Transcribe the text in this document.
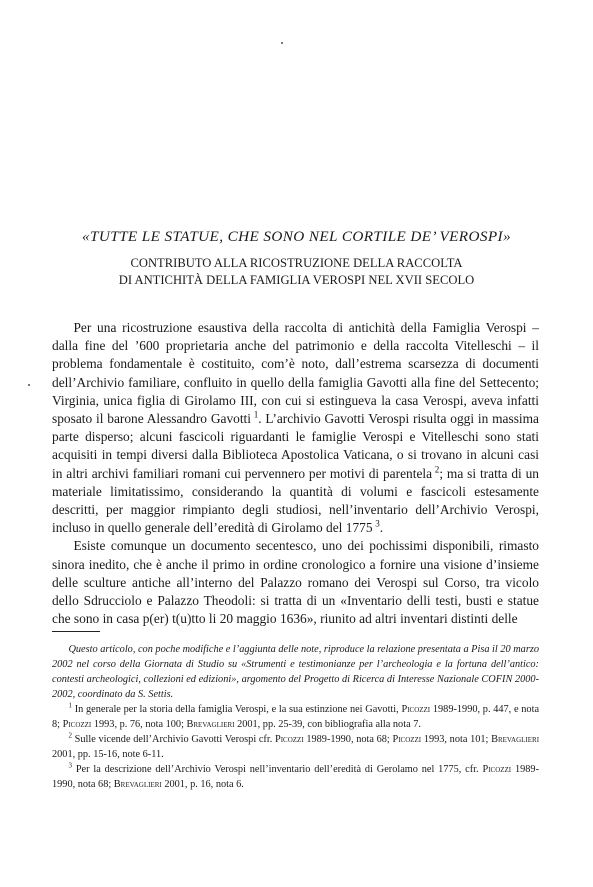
«TUTTE LE STATUE, CHE SONO NEL CORTILE DE’ VEROSPI»
CONTRIBUTO ALLA RICOSTRUZIONE DELLA RACCOLTA
DI ANTICHITÀ DELLA FAMIGLIA VEROSPI NEL XVII SECOLO

Per una ricostruzione esaustiva della raccolta di antichità della Famiglia Verospi – dalla fine del ’600 proprietaria anche del patrimonio e della raccolta Vitelleschi – il problema fondamentale è costituito, com’è noto, dall’estrema scarsezza di documenti dell’Archivio familiare, confluito in quello della famiglia Gavotti alla fine del Settecento; Virginia, unica figlia di Girolamo III, con cui si estingueva la casa Verospi, aveva infatti sposato il barone Alessandro Gavotti  $^1$. L’archivio Gavotti Verospi risulta oggi in massima parte disperso; alcuni fascicoli riguardanti le famiglie Verospi e Vitelleschi sono stati acquisiti in tempi diversi dalla Biblioteca Apostolica Vaticana, o si trovano in alcuni casi in altri archivi familiari romani cui pervennero per motivi di parentela  $^2$; ma si tratta di un materiale limitatissimo, considerando la quantità di volumi e fascicoli estesamente descritti, per maggior rimpianto degli studiosi, nell’inventario dell’Archivio Verospi, incluso in quello generale dell’eredità di Girolamo del 1775  $^3$.

Esiste comunque un documento secentesco, uno dei pochissimi disponibili, rimasto sinora inedito, che è anche il primo in ordine cronologico a fornire una visione d’insieme delle sculture antiche all’interno del Palazzo romano dei Verospi sul Corso, tra vicolo dello Sdrucciolo e Palazzo Theodoli: si tratta di un «Inventario delli testi, busti e statue che sono in casa p(er) t(u)tto li 20 maggio 1636», riunito ad altri inventari distinti delle

Questo articolo, con poche modifiche e l’aggiunta delle note, riproduce la relazione presentata a Pisa il 20 marzo 2002 nel corso della Giornata di Studio su «Strumenti e testimonianze per l’archeologia e la fortuna dell’antico: contesti archeologici, collezioni ed edizioni», argomento del Progetto di Ricerca di Interesse Nazionale COFIN 2000-2002, coordinato da S. Settis.

$^1$ In generale per la storia della famiglia Verospi, e la sua estinzione nei Gavotti, Picozzi 1989-1990, p. 447, e nota 8; Picozzi 1993, p. 76, nota 100; Brevaglieri 2001, pp. 25-39, con bibliografia alla nota 7.

$^2$ Sulle vicende dell’Archivio Gavotti Verospi cfr. Picozzi 1989-1990, nota 68; Picozzi 1993, nota 101; Brevaglieri 2001, pp. 15-16, note 6-11.

$^3$ Per la descrizione dell’Archivio Verospi nell’inventario dell’eredità di Gerolamo nel 1775, cfr. Picozzi 1989-1990, nota 68; Brevaglieri 2001, p. 16, nota 6.
